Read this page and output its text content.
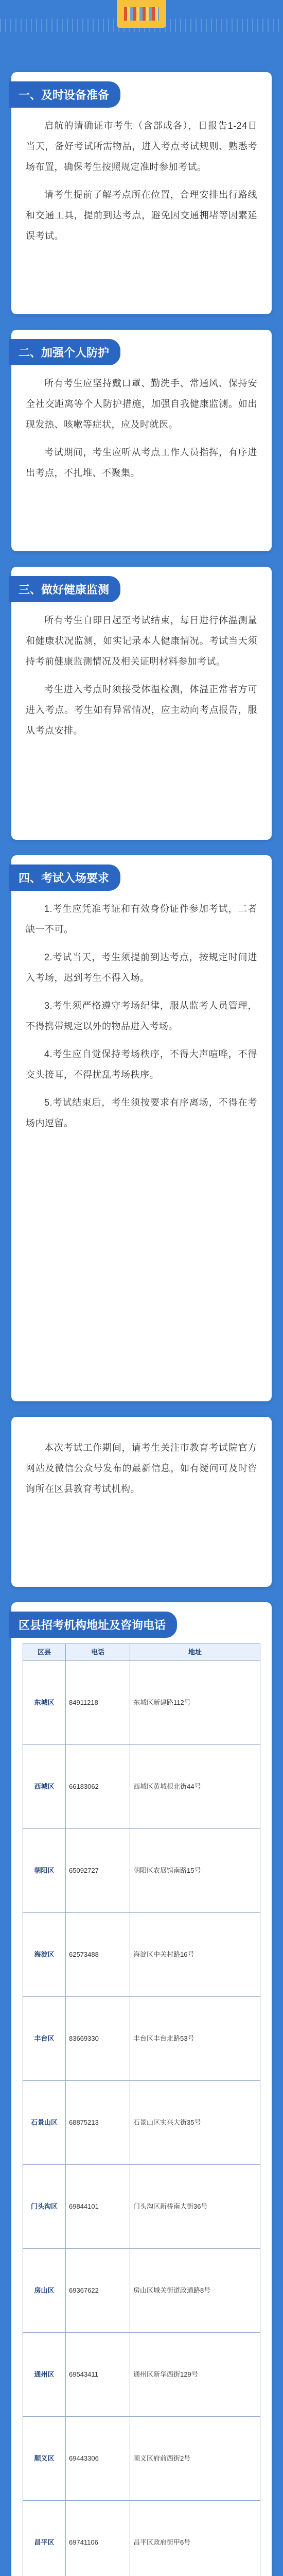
一、及时设备准备

启航的请确证市考生（含部成各），日报告1-24日当天，备好考试所需物品，进入考点考试规则、熟悉考场布置，确保考生按照规定准时参加考试。

请考生提前了解考点所在位置，合理安排出行路线和交通工具，提前到达考点，避免因交通拥堵等因素延误考试。

二、加强个人防护

所有考生应坚持戴口罩、勤洗手、常通风、保持安全社交距离等个人防护措施，加强自我健康监测。如出现发热、咳嗽等症状，应及时就医。

考试期间，考生应听从考点工作人员指挥，有序进出考点，不扎堆、不聚集。

三、做好健康监测

所有考生自即日起至考试结束，每日进行体温测量和健康状况监测，如实记录本人健康情况。考试当天须持考前健康监测情况及相关证明材料参加考试。

考生进入考点时须接受体温检测，体温正常者方可进入考点。考生如有异常情况，应主动向考点报告，服从考点安排。

四、考试入场要求

1.考生应凭准考证和有效身份证件参加考试，二者缺一不可。

2.考试当天，考生须提前到达考点，按规定时间进入考场，迟到考生不得入场。

3.考生须严格遵守考场纪律，服从监考人员管理，不得携带规定以外的物品进入考场。

4.考生应自觉保持考场秩序，不得大声喧哗，不得交头接耳，不得扰乱考场秩序。

5.考试结束后，考生须按要求有序离场，不得在考场内逗留。

本次考试工作期间，请考生关注市教育考试院官方网站及微信公众号发布的最新信息，如有疑问可及时咨询所在区县教育考试机构。

区县招考机构地址及咨询电话
区县	电话	地址
东城区	84911218	东城区新建路112号
西城区	66183062	西城区黄城根北街44号
朝阳区	65092727	朝阳区农展馆南路15号
海淀区	62573488	海淀区中关村路16号
丰台区	83669330	丰台区丰台北路53号
石景山区	68875213	石景山区实兴大街35号
门头沟区	69844101	门头沟区新桥南大街36号
房山区	69367622	房山区城关街道政通路8号
通州区	69543411	通州区新华西街129号
顺义区	69443306	顺义区府前西街2号
昌平区	69741106	昌平区政府街甲6号
